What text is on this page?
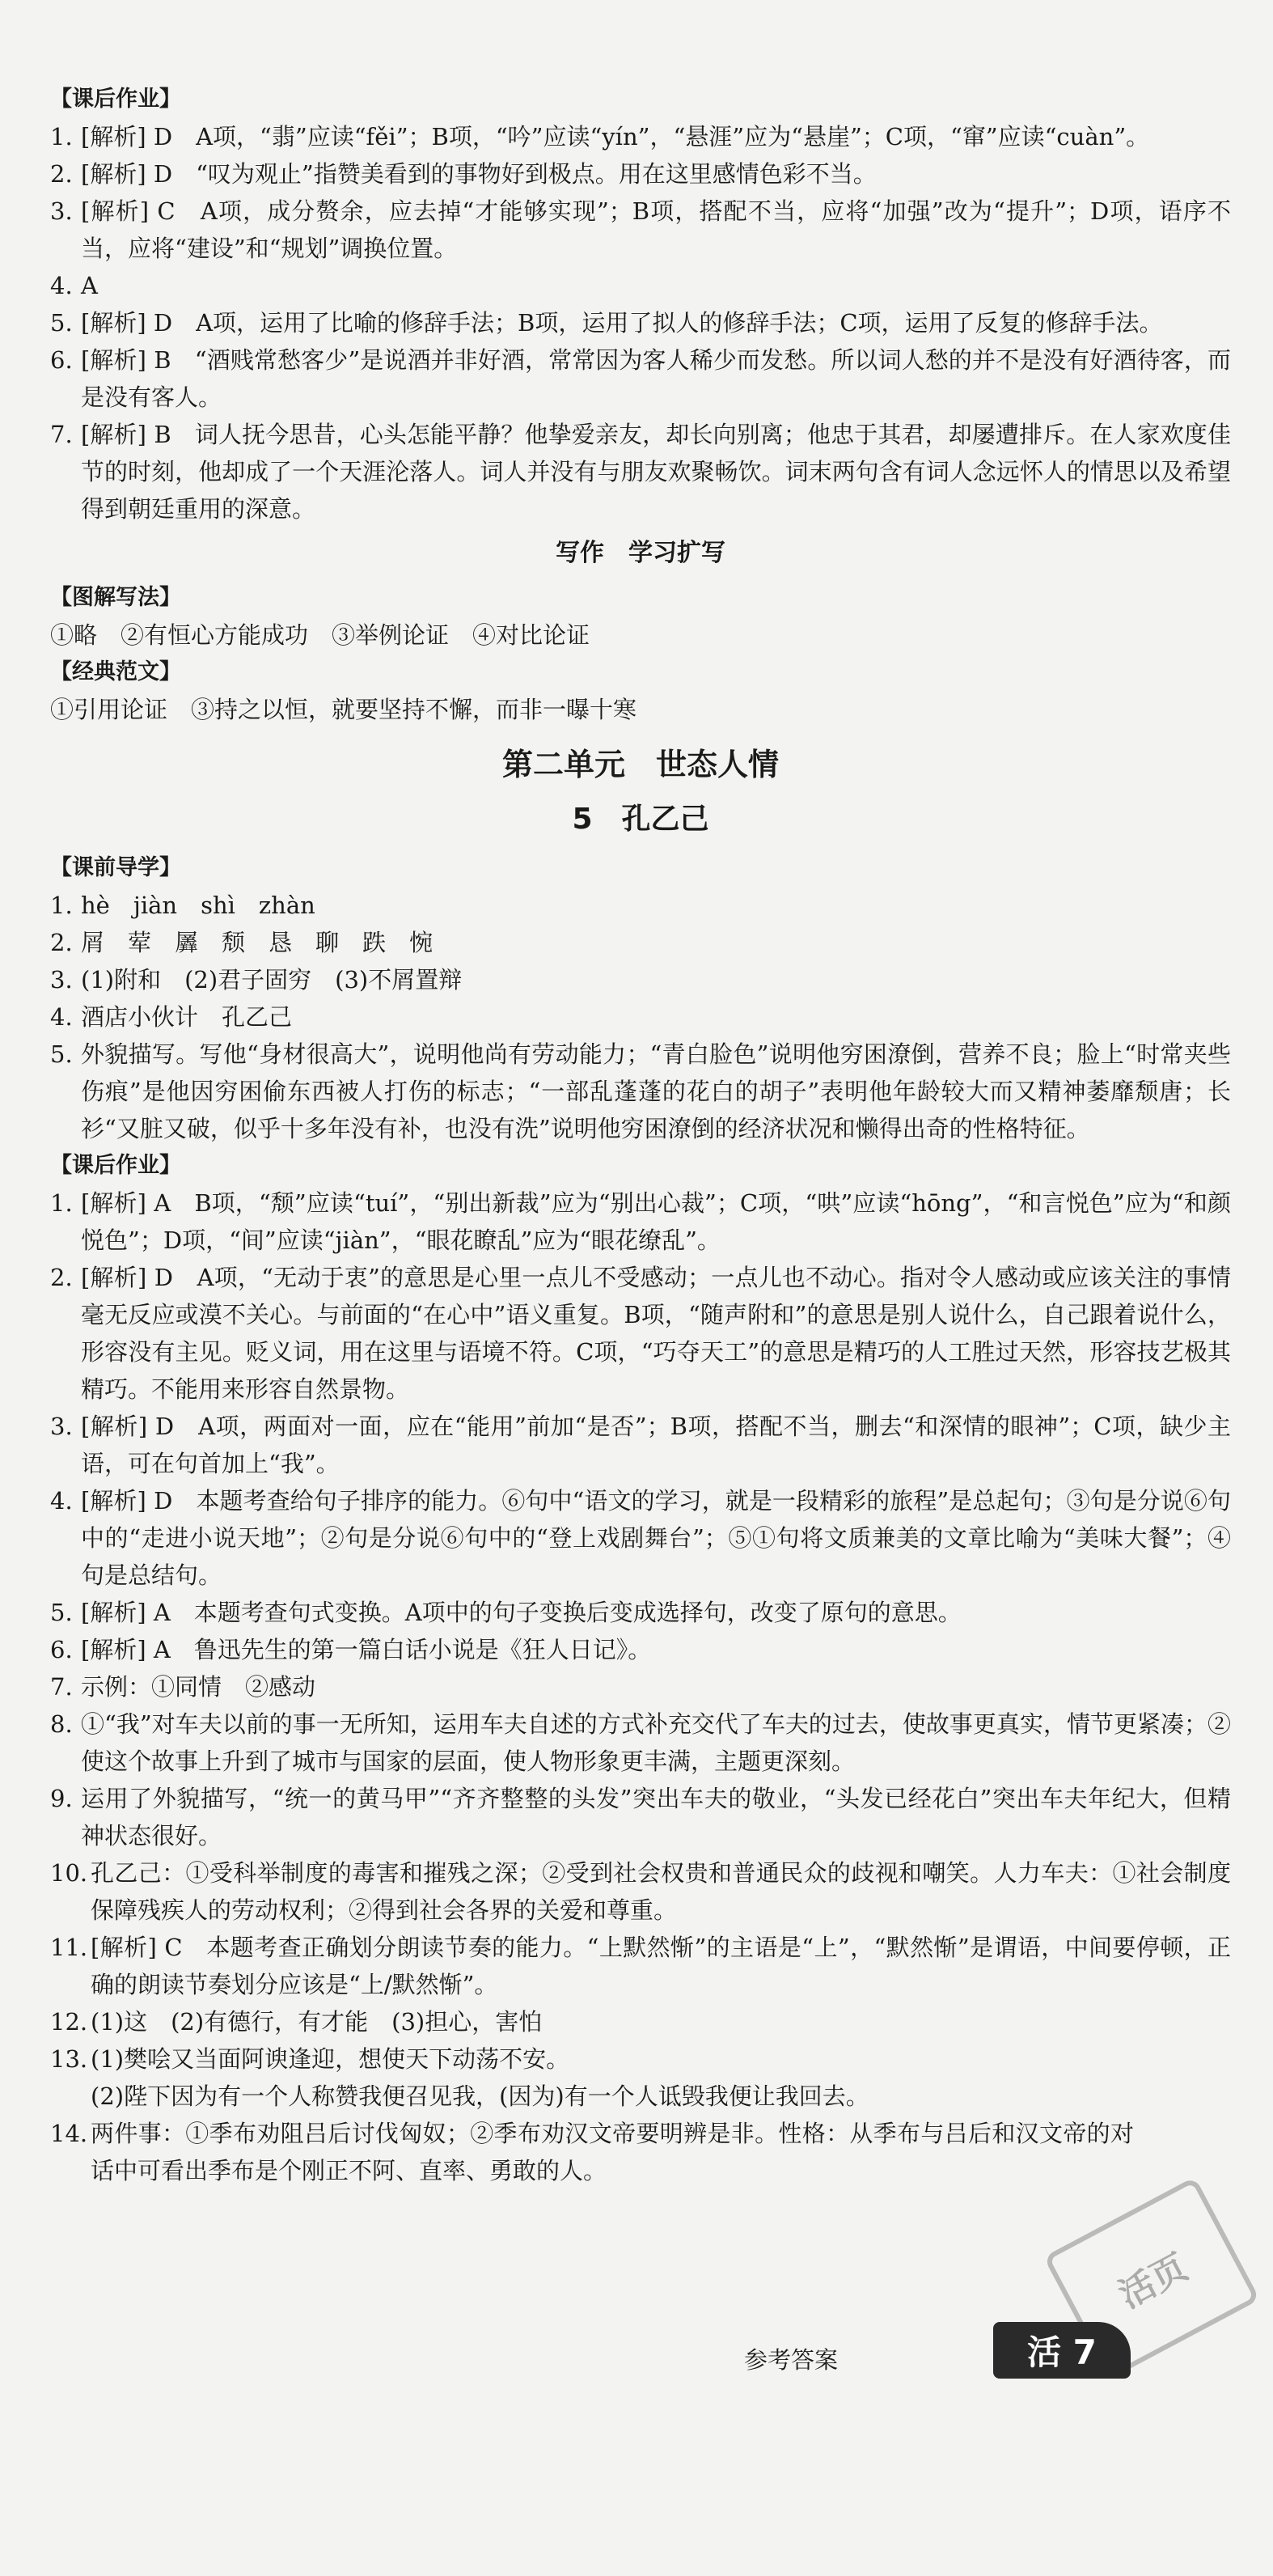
【课后作业】
1. [解析] D　A项，“翡”应读“fěi”；B项，“吟”应读“yín”，“悬涯”应为“悬崖”；C项，“窜”应读“cuàn”。
2. [解析] D　“叹为观止”指赞美看到的事物好到极点。用在这里感情色彩不当。
3. [解析] C　A项，成分赘余，应去掉“才能够实现”；B项，搭配不当，应将“加强”改为“提升”；D项，语序不当，应将“建设”和“规划”调换位置。
4. A
5. [解析] D　A项，运用了比喻的修辞手法；B项，运用了拟人的修辞手法；C项，运用了反复的修辞手法。
6. [解析] B　“酒贱常愁客少”是说酒并非好酒，常常因为客人稀少而发愁。所以词人愁的并不是没有好酒待客，而是没有客人。
7. [解析] B　词人抚今思昔，心头怎能平静？他挚爱亲友，却长向别离；他忠于其君，却屡遭排斥。在人家欢度佳节的时刻，他却成了一个天涯沦落人。词人并没有与朋友欢聚畅饮。词末两句含有词人念远怀人的情思以及希望得到朝廷重用的深意。
写作　学习扩写
【图解写法】
①略　②有恒心方能成功　③举例论证　④对比论证
【经典范文】
①引用论证　③持之以恒，就要坚持不懈，而非一曝十寒
第二单元　世态人情
5　孔乙己
【课前导学】
1. hè　jiàn　shì　zhàn
2. 屑　荤　羼　颓　恳　聊　跌　惋
3. (1)附和　(2)君子固穷　(3)不屑置辩
4. 酒店小伙计　孔乙己
5. 外貌描写。写他“身材很高大”，说明他尚有劳动能力；“青白脸色”说明他穷困潦倒，营养不良；脸上“时常夹些伤痕”是他因穷困偷东西被人打伤的标志；“一部乱蓬蓬的花白的胡子”表明他年龄较大而又精神萎靡颓唐；长衫“又脏又破，似乎十多年没有补，也没有洗”说明他穷困潦倒的经济状况和懒得出奇的性格特征。
【课后作业】
1. [解析] A　B项，“颓”应读“tuí”，“别出新裁”应为“别出心裁”；C项，“哄”应读“hōng”，“和言悦色”应为“和颜悦色”；D项，“间”应读“jiàn”，“眼花瞭乱”应为“眼花缭乱”。
2. [解析] D　A项，“无动于衷”的意思是心里一点儿不受感动；一点儿也不动心。指对令人感动或应该关注的事情毫无反应或漠不关心。与前面的“在心中”语义重复。B项，“随声附和”的意思是别人说什么，自己跟着说什么，形容没有主见。贬义词，用在这里与语境不符。C项，“巧夺天工”的意思是精巧的人工胜过天然，形容技艺极其精巧。不能用来形容自然景物。
3. [解析] D　A项，两面对一面，应在“能用”前加“是否”；B项，搭配不当，删去“和深情的眼神”；C项，缺少主语，可在句首加上“我”。
4. [解析] D　本题考查给句子排序的能力。⑥句中“语文的学习，就是一段精彩的旅程”是总起句；③句是分说⑥句中的“走进小说天地”；②句是分说⑥句中的“登上戏剧舞台”；⑤①句将文质兼美的文章比喻为“美味大餐”；④句是总结句。
5. [解析] A　本题考查句式变换。A项中的句子变换后变成选择句，改变了原句的意思。
6. [解析] A　鲁迅先生的第一篇白话小说是《狂人日记》。
7. 示例：①同情　②感动
8. ①“我”对车夫以前的事一无所知，运用车夫自述的方式补充交代了车夫的过去，使故事更真实，情节更紧凑；②使这个故事上升到了城市与国家的层面，使人物形象更丰满，主题更深刻。
9. 运用了外貌描写，“统一的黄马甲”“齐齐整整的头发”突出车夫的敬业，“头发已经花白”突出车夫年纪大，但精神状态很好。
10. 孔乙己：①受科举制度的毒害和摧残之深；②受到社会权贵和普通民众的歧视和嘲笑。人力车夫：①社会制度保障残疾人的劳动权利；②得到社会各界的关爱和尊重。
11. [解析] C　本题考查正确划分朗读节奏的能力。“上默然惭”的主语是“上”，“默然惭”是谓语，中间要停顿，正确的朗读节奏划分应该是“上/默然惭”。
12. (1)这　(2)有德行，有才能　(3)担心，害怕
13. (1)樊哙又当面阿谀逢迎，想使天下动荡不安。
(2)陛下因为有一个人称赞我便召见我，(因为)有一个人诋毁我便让我回去。
14. 两件事：①季布劝阻吕后讨伐匈奴；②季布劝汉文帝要明辨是非。性格：从季布与吕后和汉文帝的对话中可看出季布是个刚正不阿、直率、勇敢的人。
活页
参考答案	活 7
